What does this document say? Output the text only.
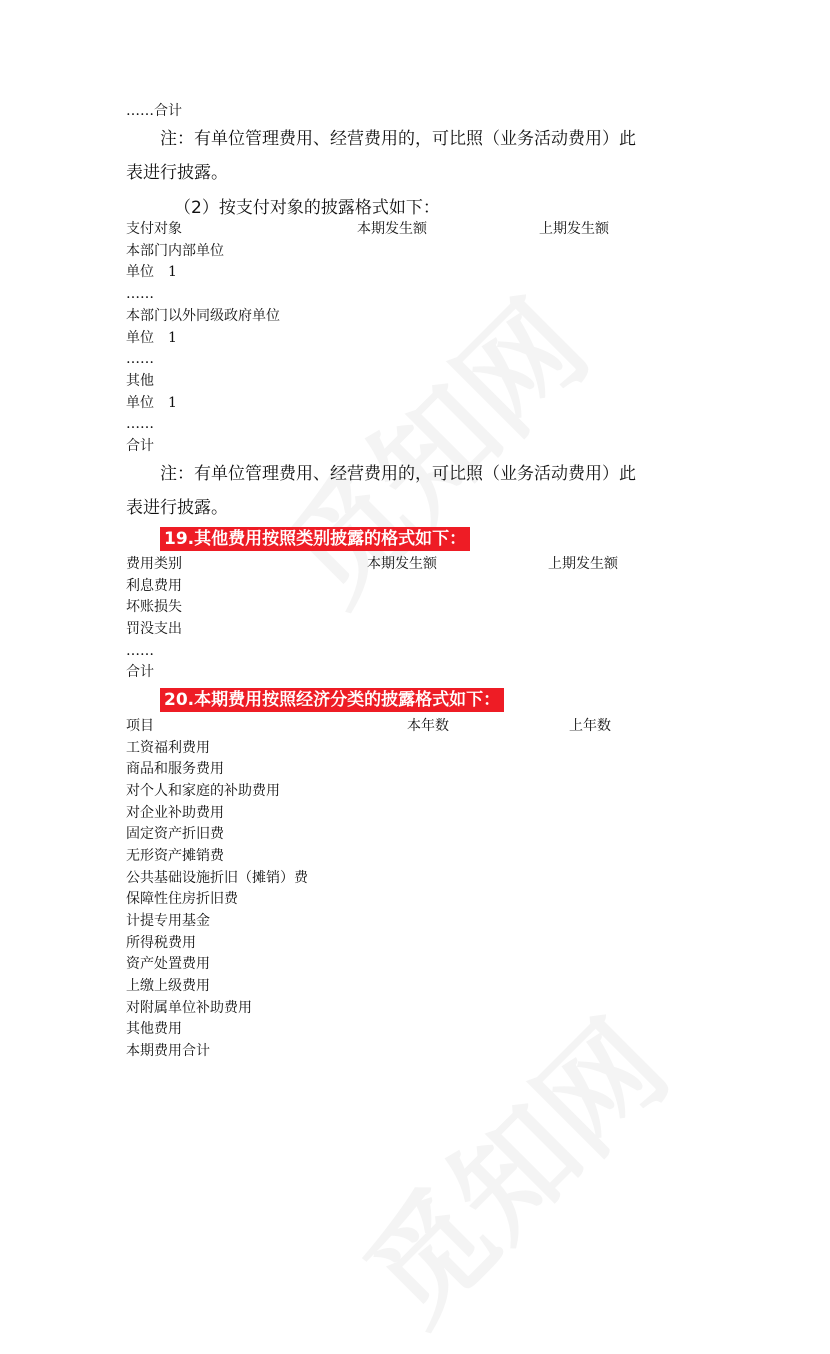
……合计
注：有单位管理费用、经营费用的，可比照（业务活动费用）此
表进行披露。
（2）按支付对象的披露格式如下：
支付对象	本期发生额	上期发生额
本部门内部单位
单位　1
……
本部门以外同级政府单位
单位　1
……
其他
单位　1
……
合计
注：有单位管理费用、经营费用的，可比照（业务活动费用）此
表进行披露。
19.其他费用按照类别披露的格式如下：
费用类别	本期发生额	上期发生额
利息费用
坏账损失
罚没支出
……
合计
20.本期费用按照经济分类的披露格式如下：
项目	本年数	上年数
工资福利费用
商品和服务费用
对个人和家庭的补助费用
对企业补助费用
固定资产折旧费
无形资产摊销费
公共基础设施折旧（摊销）费
保障性住房折旧费
计提专用基金
所得税费用
资产处置费用
上缴上级费用
对附属单位补助费用
其他费用
本期费用合计
